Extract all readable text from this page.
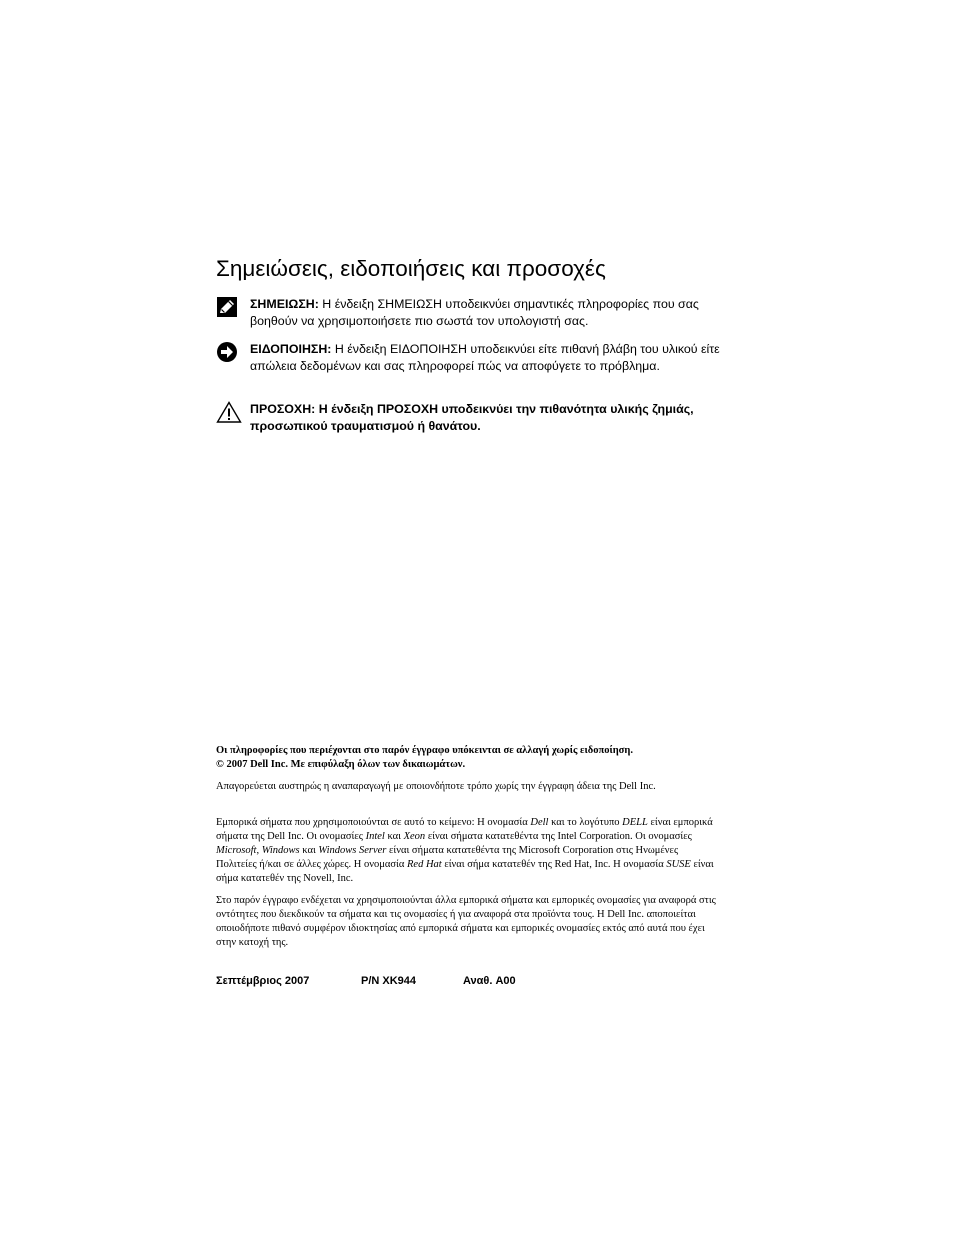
Σημειώσεις, ειδοποιήσεις και προσοχές
ΣΗΜΕΙΩΣΗ: Η ένδειξη ΣΗΜΕΙΩΣΗ υποδεικνύει σημαντικές πληροφορίες που σας βοηθούν να χρησιμοποιήσετε πιο σωστά τον υπολογιστή σας.
ΕΙΔΟΠΟΙΗΣΗ: Η ένδειξη ΕΙΔΟΠΟΙΗΣΗ υποδεικνύει είτε πιθανή βλάβη του υλικού είτε απώλεια δεδομένων και σας πληροφορεί πώς να αποφύγετε το πρόβλημα.
ΠΡΟΣΟΧΗ: Η ένδειξη ΠΡΟΣΟΧΗ υποδεικνύει την πιθανότητα υλικής ζημιάς, προσωπικού τραυματισμού ή θανάτου.

Οι πληροφορίες που περιέχονται στο παρόν έγγραφο υπόκεινται σε αλλαγή χωρίς ειδοποίηση.

© 2007 Dell Inc. Με επιφύλαξη όλων των δικαιωμάτων.

Απαγορεύεται αυστηρώς η αναπαραγωγή με οποιονδήποτε τρόπο χωρίς την έγγραφη άδεια της Dell Inc.

Εμπορικά σήματα που χρησιμοποιούνται σε αυτό το κείμενο: Η ονομασία Dell και το λογότυπο DELL είναι εμπορικά σήματα της Dell Inc. Οι ονομασίες Intel και Xeon είναι σήματα κατατεθέντα της Intel Corporation. Οι ονομασίες Microsoft, Windows και Windows Server είναι σήματα κατατεθέντα της Microsoft Corporation στις Ηνωμένες Πολιτείες ή/και σε άλλες χώρες. Η ονομασία Red Hat είναι σήμα κατατεθέν της Red Hat, Inc. Η ονομασία SUSE είναι σήμα κατατεθέν της Novell, Inc.

Στο παρόν έγγραφο ενδέχεται να χρησιμοποιούνται άλλα εμπορικά σήματα και εμπορικές ονομασίες για αναφορά στις οντότητες που διεκδικούν τα σήματα και τις ονομασίες ή για αναφορά στα προϊόντα τους. Η Dell Inc. αποποιείται οποιοδήποτε πιθανό συμφέρον ιδιοκτησίας από εμπορικά σήματα και εμπορικές ονομασίες εκτός από αυτά που έχει στην κατοχή της.

Σεπτέμβριος 2007	P/N XK944	Αναθ. A00
